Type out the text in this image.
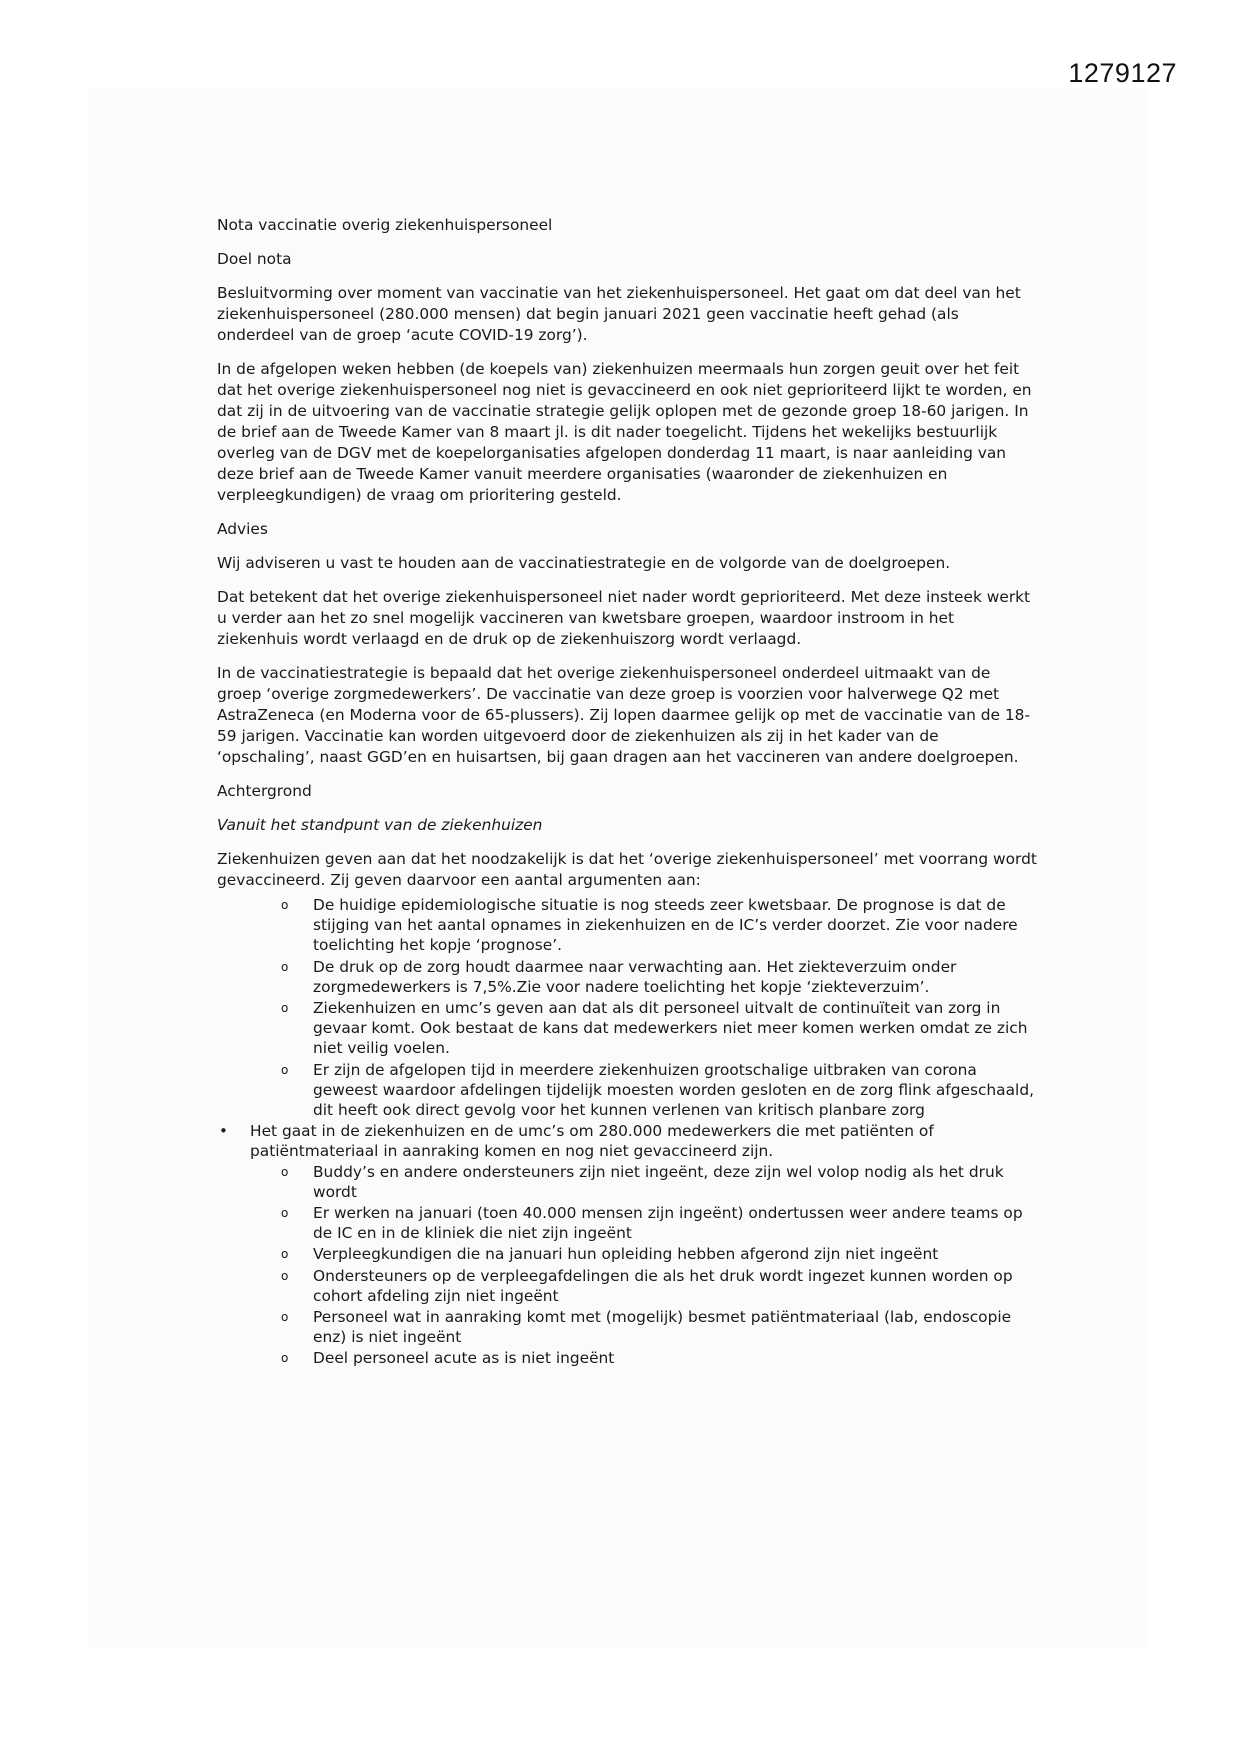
1279127

Nota vaccinatie overig ziekenhuispersoneel

Doel nota

Besluitvorming over moment van vaccinatie van het ziekenhuispersoneel. Het gaat om dat deel van het ziekenhuispersoneel (280.000 mensen) dat begin januari 2021 geen vaccinatie heeft gehad (als onderdeel van de groep ‘acute COVID-19 zorg’).

In de afgelopen weken hebben (de koepels van) ziekenhuizen meermaals hun zorgen geuit over het feit dat het overige ziekenhuispersoneel nog niet is gevaccineerd en ook niet geprioriteerd lijkt te worden, en dat zij in de uitvoering van de vaccinatie strategie gelijk oplopen met de gezonde groep 18-60 jarigen. In de brief aan de Tweede Kamer van 8 maart jl. is dit nader toegelicht. Tijdens het wekelijks bestuurlijk overleg van de DGV met de koepelorganisaties afgelopen donderdag 11 maart, is naar aanleiding van deze brief aan de Tweede Kamer vanuit meerdere organisaties (waaronder de ziekenhuizen en verpleegkundigen) de vraag om prioritering gesteld.

Advies

Wij adviseren u vast te houden aan de vaccinatiestrategie en de volgorde van de doelgroepen.

Dat betekent dat het overige ziekenhuispersoneel niet nader wordt geprioriteerd. Met deze insteek werkt u verder aan het zo snel mogelijk vaccineren van kwetsbare groepen, waardoor instroom in het ziekenhuis wordt verlaagd en de druk op de ziekenhuiszorg wordt verlaagd.

In de vaccinatiestrategie is bepaald dat het overige ziekenhuispersoneel onderdeel uitmaakt van de groep ‘overige zorgmedewerkers’. De vaccinatie van deze groep is voorzien voor halverwege Q2 met AstraZeneca (en Moderna voor de 65-plussers). Zij lopen daarmee gelijk op met de vaccinatie van de 18-59 jarigen. Vaccinatie kan worden uitgevoerd door de ziekenhuizen als zij in het kader van de ‘opschaling’, naast GGD’en en huisartsen, bij gaan dragen aan het vaccineren van andere doelgroepen.

Achtergrond

Vanuit het standpunt van de ziekenhuizen

Ziekenhuizen geven aan dat het noodzakelijk is dat het ‘overige ziekenhuispersoneel’ met voorrang wordt gevaccineerd. Zij geven daarvoor een aantal argumenten aan:

o De huidige epidemiologische situatie is nog steeds zeer kwetsbaar. De prognose is dat de stijging van het aantal opnames in ziekenhuizen en de IC’s verder doorzet. Zie voor nadere toelichting het kopje ‘prognose’.
o De druk op de zorg houdt daarmee naar verwachting aan. Het ziekteverzuim onder zorgmedewerkers is 7,5%.Zie voor nadere toelichting het kopje ‘ziekteverzuim’.
o Ziekenhuizen en umc’s geven aan dat als dit personeel uitvalt de continuïteit van zorg in gevaar komt. Ook bestaat de kans dat medewerkers niet meer komen werken omdat ze zich niet veilig voelen.
o Er zijn de afgelopen tijd in meerdere ziekenhuizen grootschalige uitbraken van corona geweest waardoor afdelingen tijdelijk moesten worden gesloten en de zorg flink afgeschaald, dit heeft ook direct gevolg voor het kunnen verlenen van kritisch planbare zorg
• Het gaat in de ziekenhuizen en de umc’s om 280.000 medewerkers die met patiënten of patiëntmateriaal in aanraking komen en nog niet gevaccineerd zijn.
o Buddy’s en andere ondersteuners zijn niet ingeënt, deze zijn wel volop nodig als het druk wordt
o Er werken na januari (toen 40.000 mensen zijn ingeënt) ondertussen weer andere teams op de IC en in de kliniek die niet zijn ingeënt
o Verpleegkundigen die na januari hun opleiding hebben afgerond zijn niet ingeënt
o Ondersteuners op de verpleegafdelingen die als het druk wordt ingezet kunnen worden op cohort afdeling zijn niet ingeënt
o Personeel wat in aanraking komt met (mogelijk) besmet patiëntmateriaal (lab, endoscopie enz) is niet ingeënt
o Deel personeel acute as is niet ingeënt
